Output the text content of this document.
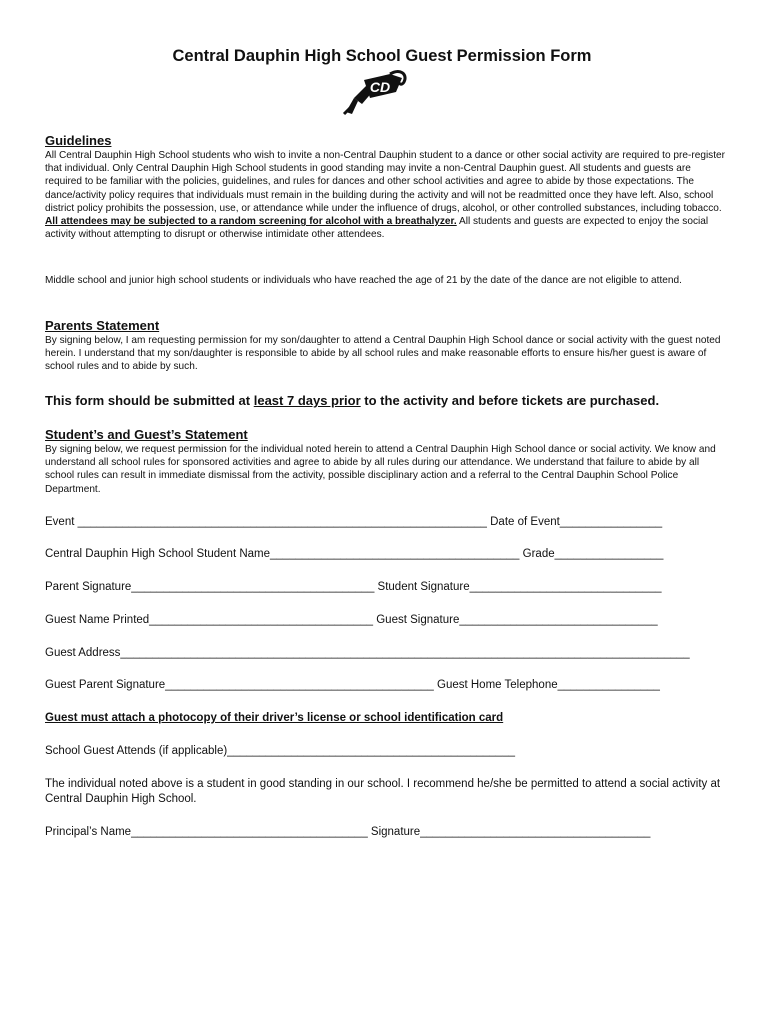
Central Dauphin High School Guest Permission Form
CD
Guidelines

All Central Dauphin High School students who wish to invite a non-Central Dauphin student to a dance or other social activity are required to pre-register that individual. Only Central Dauphin High School students in good standing may invite a non-Central Dauphin guest. All students and guests are required to be familiar with the policies, guidelines, and rules for dances and other school activities and agree to abide by those expectations. The dance/activity policy requires that individuals must remain in the building during the activity and will not be readmitted once they have left. Also, school district policy prohibits the possession, use, or attendance while under the influence of drugs, alcohol, or other controlled substances, including tobacco. All attendees may be subjected to a random screening for alcohol with a breathalyzer. All students and guests are expected to enjoy the social activity without attempting to disrupt or otherwise intimidate other attendees.

Middle school and junior high school students or individuals who have reached the age of 21 by the date of the dance are not eligible to attend.

Parents Statement

By signing below, I am requesting permission for my son/daughter to attend a Central Dauphin High School dance or social activity with the guest noted herein. I understand that my son/daughter is responsible to abide by all school rules and make reasonable efforts to ensure his/her guest is aware of school rules and to abide by such.

This form should be submitted at least 7 days prior to the activity and before tickets are purchased.

Student’s and Guest’s Statement

By signing below, we request permission for the individual noted herein to attend a Central Dauphin High School dance or social activity. We know and understand all school rules for sponsored activities and agree to abide by all rules during our attendance. We understand that failure to abide by all school rules can result in immediate dismissal from the activity, possible disciplinary action and a referral to the Central Dauphin School Police Department.

Event ________________________________________________________________ Date of Event________________
Central Dauphin High School Student Name_______________________________________ Grade_________________
Parent Signature______________________________________ Student Signature______________________________
Guest Name Printed___________________________________ Guest Signature_______________________________
Guest Address_________________________________________________________________________________________
Guest Parent Signature__________________________________________ Guest Home Telephone________________
Guest must attach a photocopy of their driver’s license or school identification card
School Guest Attends (if applicable)_____________________________________________
The individual noted above is a student in good standing in our school. I recommend he/she be permitted to attend a social activity at Central Dauphin High School.
Principal’s Name_____________________________________ Signature____________________________________
